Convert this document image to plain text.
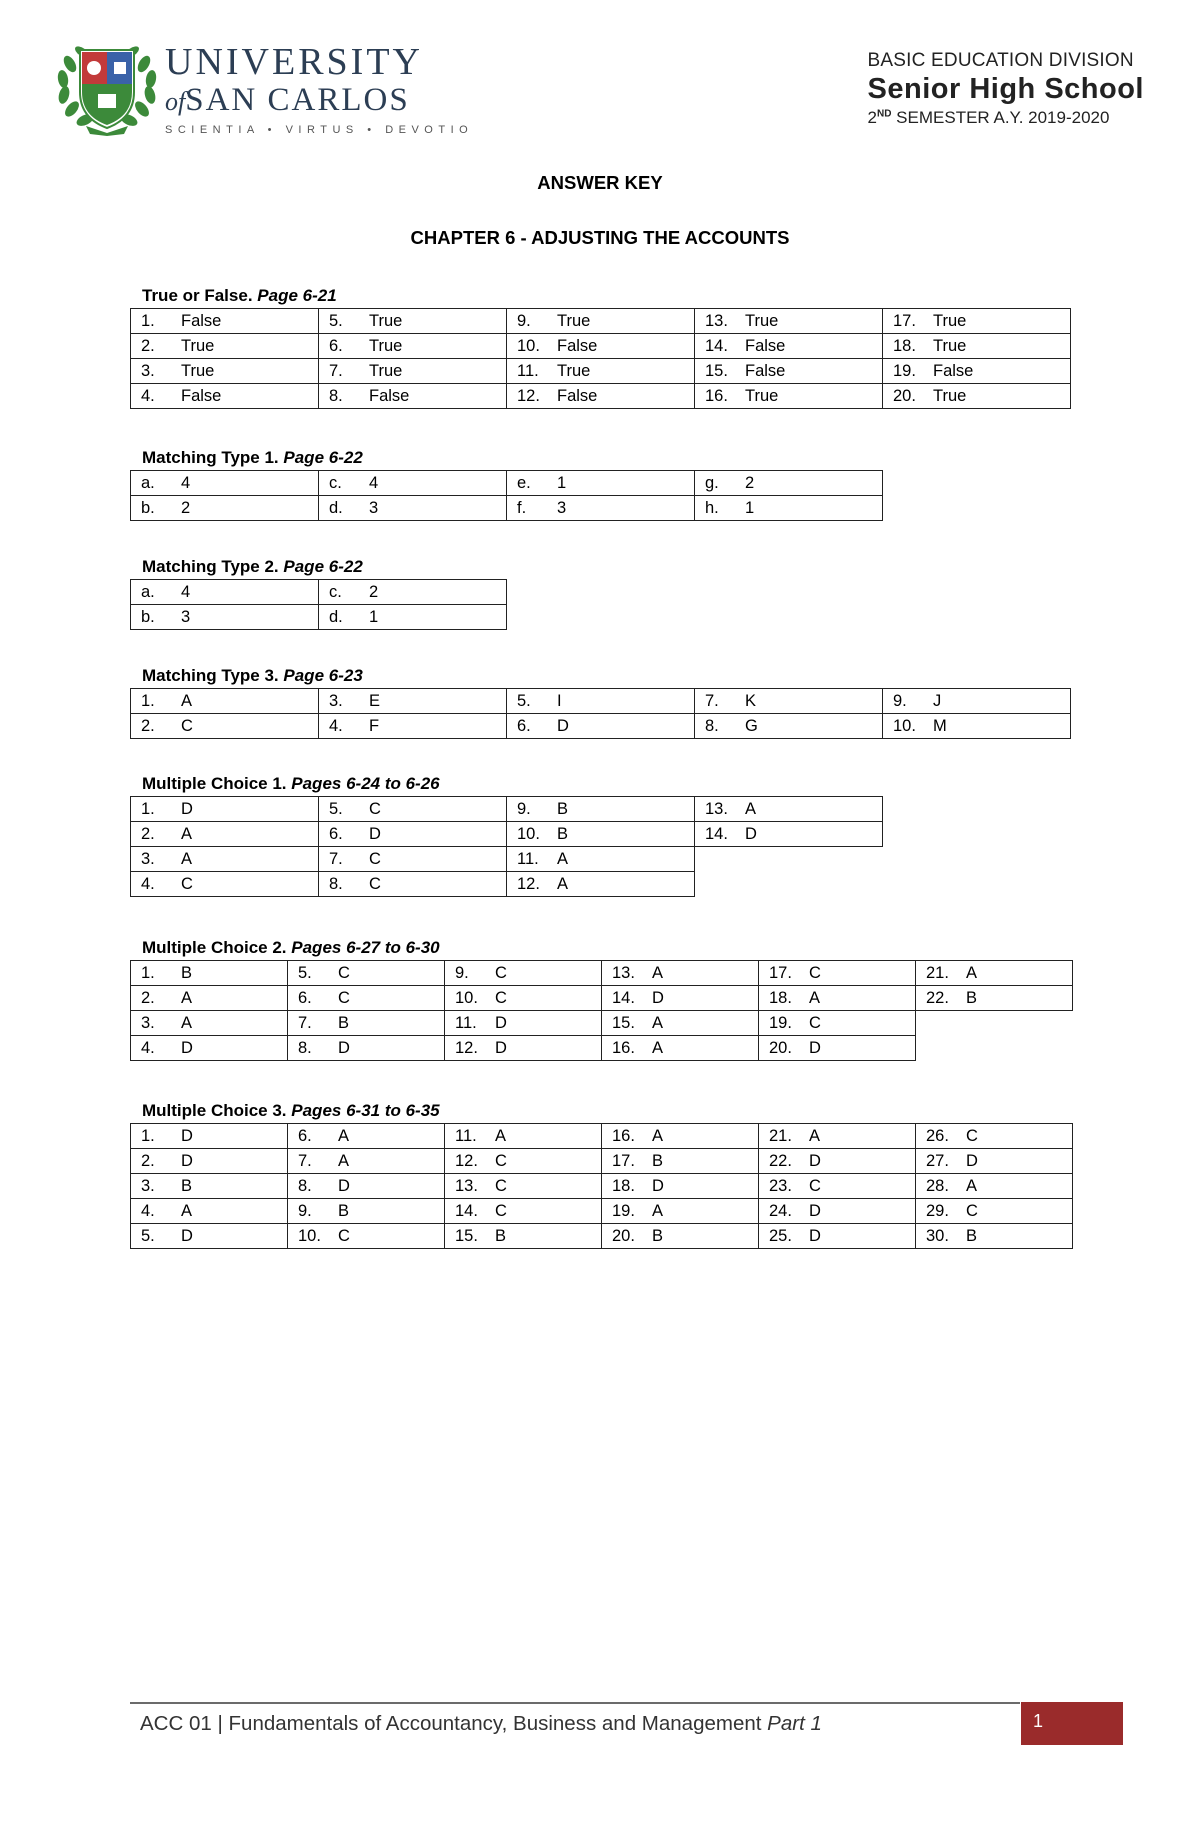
UNIVERSITY
ofSAN CARLOS
SCIENTIA • VIRTUS • DEVOTIO
BASIC EDUCATION DIVISION
Senior High School
2ND SEMESTER A.Y. 2019-2020
ANSWER KEY
CHAPTER 6 - ADJUSTING THE ACCOUNTS
True or False. Page 6-21
1. False	5. True	9. True	13. True	17. True
2. True	6. True	10. False	14. False	18. True
3. True	7. True	11. True	15. False	19. False
4. False	8. False	12. False	16. True	20. True
Matching Type 1. Page 6-22
a. 4	c. 4	e. 1	g. 2
b. 2	d. 3	f. 3	h. 1
Matching Type 2. Page 6-22
a. 4	c. 2
b. 3	d. 1
Matching Type 3. Page 6-23
1. A	3. E	5. I	7. K	9. J
2. C	4. F	6. D	8. G	10. M
Multiple Choice 1. Pages 6-24 to 6-26
1. D	5. C	9. B	13. A
2. A	6. D	10. B	14. D
3. A	7. C	11. A	
4. C	8. C	12. A	
Multiple Choice 2. Pages 6-27 to 6-30
1. B	5. C	9. C	13. A	17. C	21. A
2. A	6. C	10. C	14. D	18. A	22. B
3. A	7. B	11. D	15. A	19. C	
4. D	8. D	12. D	16. A	20. D	
Multiple Choice 3. Pages 6-31 to 6-35
1. D	6. A	11. A	16. A	21. A	26. C
2. D	7. A	12. C	17. B	22. D	27. D
3. B	8. D	13. C	18. D	23. C	28. A
4. A	9. B	14. C	19. A	24. D	29. C
5. D	10. C	15. B	20. B	25. D	30. B
ACC 01 | Fundamentals of Accountancy, Business and Management Part 1	1
